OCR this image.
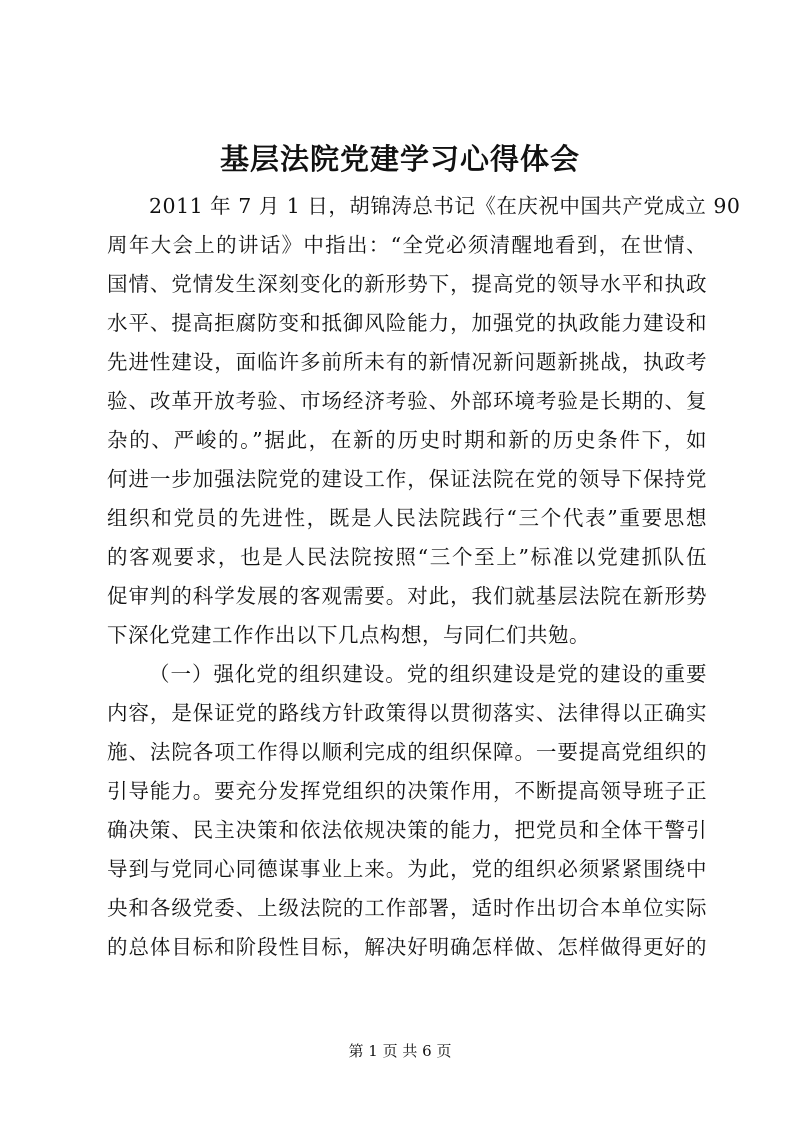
基层法院党建学习心得体会
2011 年 7 月 1 日，胡锦涛总书记《在庆祝中国共产党成立 90
周年大会上的讲话》中指出：“全党必须清醒地看到，在世情、
国情、党情发生深刻变化的新形势下，提高党的领导水平和执政
水平、提高拒腐防变和抵御风险能力，加强党的执政能力建设和
先进性建设，面临许多前所未有的新情况新问题新挑战，执政考
验、改革开放考验、市场经济考验、外部环境考验是长期的、复
杂的、严峻的。”据此，在新的历史时期和新的历史条件下，如
何进一步加强法院党的建设工作，保证法院在党的领导下保持党
组织和党员的先进性，既是人民法院践行“三个代表”重要思想
的客观要求，也是人民法院按照“三个至上”标准以党建抓队伍
促审判的科学发展的客观需要。对此，我们就基层法院在新形势
下深化党建工作作出以下几点构想，与同仁们共勉。
（一）强化党的组织建设。党的组织建设是党的建设的重要
内容，是保证党的路线方针政策得以贯彻落实、法律得以正确实
施、法院各项工作得以顺利完成的组织保障。一要提高党组织的
引导能力。要充分发挥党组织的决策作用，不断提高领导班子正
确决策、民主决策和依法依规决策的能力，把党员和全体干警引
导到与党同心同德谋事业上来。为此，党的组织必须紧紧围绕中
央和各级党委、上级法院的工作部署，适时作出切合本单位实际
的总体目标和阶段性目标，解决好明确怎样做、怎样做得更好的
第 1 页 共 6 页
